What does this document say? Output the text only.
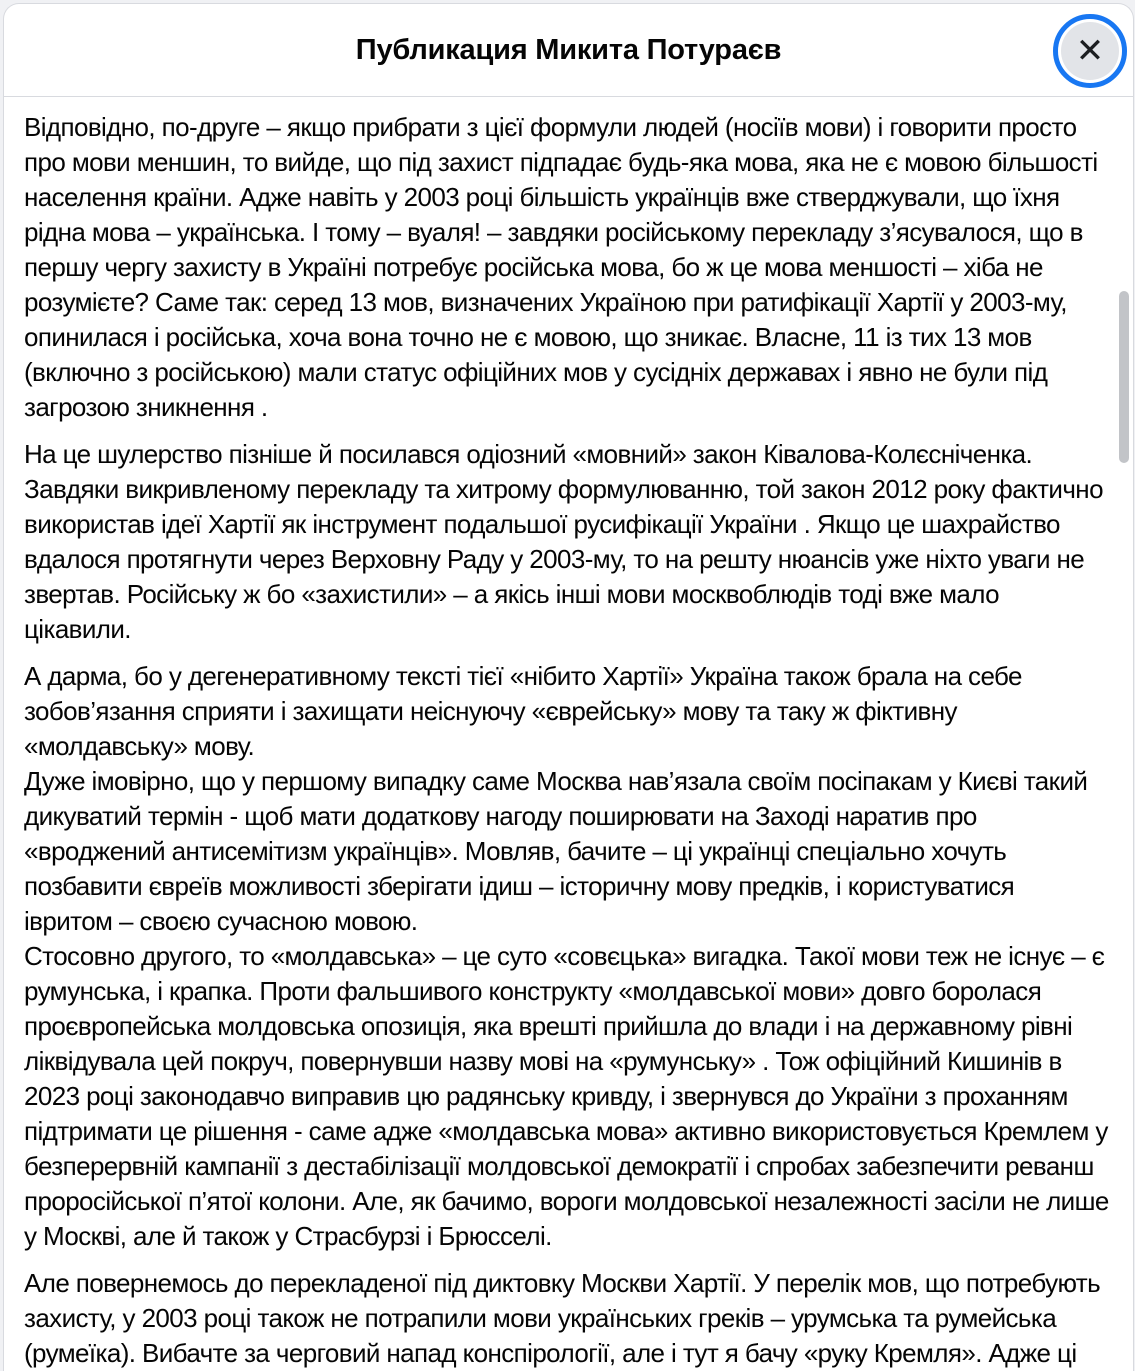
Публикация Микита Потураєв	✕

Відповідно, по-друге – якщо прибрати з цієї формули людей (носіїв мови) і говорити просто про мови меншин, то вийде, що під захист підпадає будь-яка мова, яка не є мовою більшості населення країни. Адже навіть у 2003 році більшість українців вже стверджували, що їхня рідна мова – українська. І тому – вуаля! – завдяки російському перекладу з’ясувалося, що в першу чергу захисту в Україні потребує російська мова, бо ж це мова меншості – хіба не розумієте? Саме так: серед 13 мов, визначених Україною при ратифікації Хартії у 2003-му, опинилася і російська, хоча вона точно не є мовою, що зникає. Власне, 11 із тих 13 мов (включно з російською) мали статус офіційних мов у сусідніх державах і явно не були під загрозою зникнення .

На це шулерство пізніше й посилався одіозний «мовний» закон Ківалова-Колєсніченка. Завдяки викривленому перекладу та хитрому формулюванню, той закон 2012 року фактично використав ідеї Хартії як інструмент подальшої русифікації України . Якщо це шахрайство вдалося протягнути через Верховну Раду у 2003-му, то на решту нюансів уже ніхто уваги не звертав. Російську ж бо «захистили» – а якісь інші мови москвоблюдів тоді вже мало цікавили.

А дарма, бо у дегенеративному тексті тієї «нібито Хартії» Україна також брала на себе зобов’язання сприяти і захищати неіснуючу «єврейську» мову та таку ж фіктивну «молдавську» мову.

Дуже імовірно, що у першому випадку саме Москва нав’язала своїм посіпакам у Києві такий дикуватий термін - щоб мати додаткову нагоду поширювати на Заході наратив про «вроджений антисемітизм українців». Мовляв, бачите – ці українці спеціально хочуть позбавити євреїв можливості зберігати ідиш – історичну мову предків, і користуватися івритом – своєю сучасною мовою.

Стосовно другого, то «молдавська» – це суто «совєцька» вигадка. Такої мови теж не існує – є румунська, і крапка. Проти фальшивого конструкту «молдавської мови» довго боролася проєвропейська молдовська опозиція, яка врешті прийшла до влади і на державному рівні ліквідувала цей покруч, повернувши назву мові на «румунську» . Тож офіційний Кишинів в 2023 році законодавчо виправив цю радянську кривду, і звернувся до України з проханням підтримати це рішення - саме адже «молдавська мова» активно використовується Кремлем у безперервній кампанії з дестабілізації молдовської демократії і спробах забезпечити реванш проросійської п’ятої колони. Але, як бачимо, вороги молдовської незалежності засіли не лише у Москві, але й також у Страсбурзі і Брюсселі.

Але повернемось до перекладеної під диктовку Москви Хартії. У перелік мов, що потребують захисту, у 2003 році також не потрапили мови українських греків – урумська та румейська (румеїка). Вибачте за черговий напад конспірології, але і тут я бачу «руку Кремля». Адже ці
